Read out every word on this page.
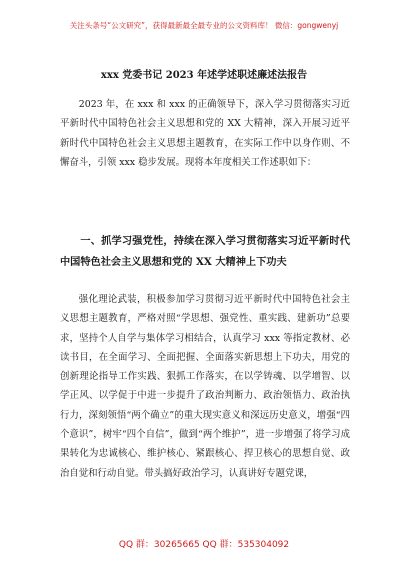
关注头条号“公文研究”，获得最新最全最专业的公文资料库！ 微信：gongwenyj
xxx 党委书记 2023 年述学述职述廉述法报告

2023 年，在 xxx 和 xxx 的正确领导下，深入学习贯彻落实习近平新时代中国特色社会主义思想和党的 XX 大精神，深入开展习近平新时代中国特色社会主义思想主题教育，在实际工作中以身作则、不懈奋斗，引领 xxx 稳步发展。现将本年度相关工作述职如下：

一、抓学习强党性，持续在深入学习贯彻落实习近平新时代中国特色社会主义思想和党的 XX 大精神上下功夫

强化理论武装，积极参加学习贯彻习近平新时代中国特色社会主义思想主题教育，严格对照“学思想、强党性、重实践、建新功”总要求，坚持个人自学与集体学习相结合，认真学习 xxx 等指定教材、必读书目，在全面学习、全面把握、全面落实新思想上下功夫，用党的创新理论指导工作实践、狠抓工作落实，在以学铸魂、以学增智、以学正风、以学促于中进一步提升了政治判断力、政治领悟力、政治执行力，深刻领悟“两个确立”的重大现实意义和深远历史意义，增强“四个意识”，树牢“四个自信”，做到“两个维护”，进一步增强了将学习成果转化为忠诚核心、维护核心、紧跟核心、捍卫核心的思想自觉、政治自觉和行动自觉。带头搞好政治学习，认真讲好专题党课，

QQ 群：30265665 QQ 群：535304092
